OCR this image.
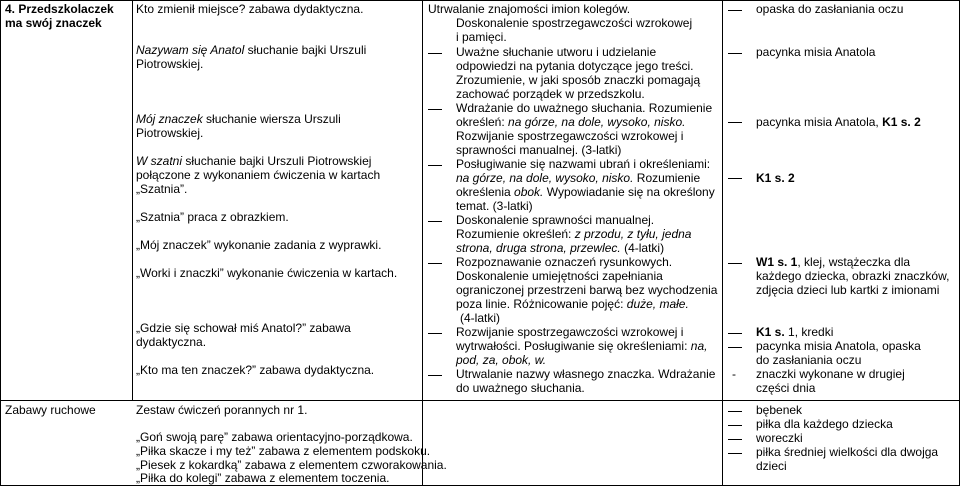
4. Przedszkolaczek
ma swój znaczek
Kto zmienił miejsce? zabawa dydaktyczna.
Nazywam się Anatol słuchanie bajki Urszuli
Piotrowskiej.
Mój znaczek słuchanie wiersza Urszuli
Piotrowskiej.
W szatni słuchanie bajki Urszuli Piotrowskiej
połączone z wykonaniem ćwiczenia w kartach
„Szatnia”.
„Szatnia” praca z obrazkiem.
„Mój znaczek” wykonanie zadania z wyprawki.
„Worki i znaczki” wykonanie ćwiczenia w kartach.
„Gdzie się schował miś Anatol?” zabawa
dydaktyczna.
„Kto ma ten znaczek?” zabawa dydaktyczna.
Utrwalanie znajomości imion kolegów.
Doskonalenie spostrzegawczości wzrokowej
i pamięci.
Uważne słuchanie utworu i udzielanie
odpowiedzi na pytania dotyczące jego treści.
Zrozumienie, w jaki sposób znaczki pomagają
zachować porządek w przedszkolu.
Wdrażanie do uważnego słuchania. Rozumienie
określeń: na górze, na dole, wysoko, nisko.
Rozwijanie spostrzegawczości wzrokowej i
sprawności manualnej. (3-latki)
Posługiwanie się nazwami ubrań i określeniami:
na górze, na dole, wysoko, nisko. Rozumienie
określenia obok. Wypowiadanie się na określony
temat. (3-latki)
Doskonalenie sprawności manualnej.
Rozumienie określeń: z przodu, z tyłu, jedna
strona, druga strona, przewlec. (4-latki)
Rozpoznawanie oznaczeń rysunkowych.
Doskonalenie umiejętności zapełniania
ograniczonej przestrzeni barwą bez wychodzenia
poza linie. Różnicowanie pojęć: duże, małe.
(4-latki)
Rozwijanie spostrzegawczości wzrokowej i
wytrwałości. Posługiwanie się określeniami: na,
pod, za, obok, w.
Utrwalanie nazwy własnego znaczka. Wdrażanie
do uważnego słuchania.
opaska do zasłaniania oczu
pacynka misia Anatola
pacynka misia Anatola, K1 s. 2
K1 s. 2
W1 s. 1, klej, wstążeczka dla
każdego dziecka, obrazki znaczków,
zdjęcia dzieci lub kartki z imionami
K1 s. 1, kredki
pacynka misia Anatola, opaska
do zasłaniania oczu
- znaczki wykonane w drugiej
części dnia
Zabawy ruchowe	Zestaw ćwiczeń porannych nr 1.
„Goń swoją parę” zabawa orientacyjno-porządkowa.
„Piłka skacze i my też” zabawa z elementem podskoku.
„Piesek z kokardką” zabawa z elementem czworakowania.
„Piłka do kolegi” zabawa z elementem toczenia.
bębenek
piłka dla każdego dziecka
woreczki
piłka średniej wielkości dla dwojga
dzieci
